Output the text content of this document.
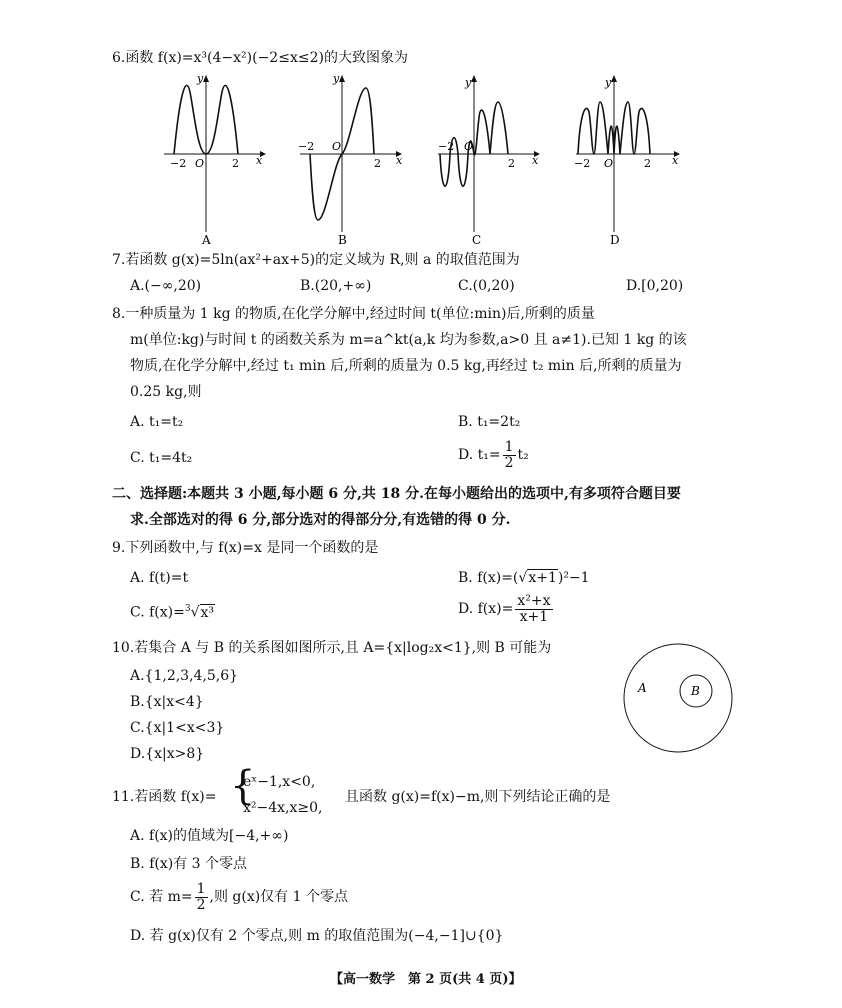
6.函数 f(x)=x³(4−x²)(−2≤x≤2)的大致图象为
y
−2 O	2 x
A
y
−2 O
2 x
B
y
−2 O
2 x
C
y
−2 O	2 x
D
7.若函数 g(x)=5ln(ax²+ax+5)的定义域为 R,则 a 的取值范围为
A.(−∞,20)	B.(20,+∞)	C.(0,20)	D.[0,20)
8.一种质量为 1 kg 的物质,在化学分解中,经过时间 t(单位:min)后,所剩的质量
m(单位:kg)与时间 t 的函数关系为 m=a^kt(a,k 均为参数,a>0 且 a≠1).已知 1 kg 的该
物质,在化学分解中,经过 t₁ min 后,所剩的质量为 0.5 kg,再经过 t₂ min 后,所剩的质量为
0.25 kg,则
A. t₁=t₂	B. t₁=2t₂
C. t₁=4t₂	D. $t_1= \frac{1}{2} t_2$
二、选择题:本题共 3 小题,每小题 6 分,共 18 分.在每小题给出的选项中,有多项符合题目要
求.全部选对的得 6 分,部分选对的得部分分,有选错的得 0 分.
9.下列函数中,与 f(x)=x 是同一个函数的是
A. f(t)=t	B. f(x)=(√x+1)²−1
C. f(x)=$^3$√x³	D. $f(x)= \frac{\text{x²+x}}{x+1}$
10.若集合 A 与 B 的关系图如图所示,且 A={x|log₂x<1},则 B 可能为
A.{1,2,3,4,5,6}
B.{x|x<4}
C.{x|1<x<3}
D.{x|x>8}
A	B
11.若函数 f(x)= {
eˣ−1,x<0,
x²−4x,x≥0,
且函数 g(x)=f(x)−m,则下列结论正确的是
A. f(x)的值域为[−4,+∞)
B. f(x)有 3 个零点
C. 若 $m= \frac{1}{2}$ ,则 g(x)仅有 1 个零点
D. 若 g(x)仅有 2 个零点,则 m 的取值范围为(−4,−1]∪{0}
【高一数学　第 2 页(共 4 页)】
